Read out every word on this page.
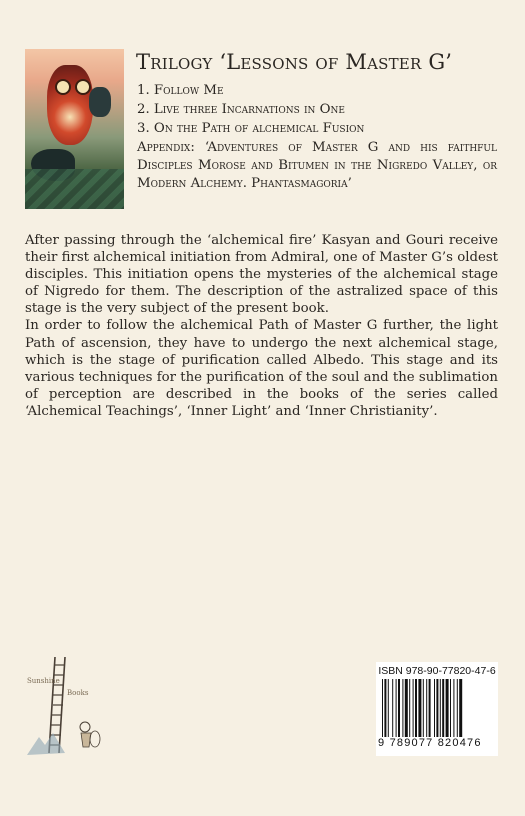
Trilogy ‘Lessons of Master G’
1. Follow Me
2. Live three Incarnations in One
3. On the Path of alchemical Fusion
Appendix: ‘Adventures of Master G and his faithful Disciples Morose and Bitumen in the Nigredo Valley, or Modern Alchemy. Phantasmagoria’

After passing through the ‘alchemical fire’ Kasyan and Gouri receive their first alchemical initiation from Admiral, one of Master G’s oldest disciples. This initiation opens the mysteries of the alchemical stage of Nigredo for them. The description of the astralized space of this stage is the very subject of the present book.

In order to follow the alchemical Path of Master G further, the light Path of ascension, they have to undergo the next alchemical stage, which is the stage of purification called Albedo. This stage and its various techniques for the purification of the soul and the sublimation of perception are described in the books of the series called ‘Alchemical Teachings’, ‘Inner Light’ and ‘Inner Christianity’.

Sunshine
Books
ISBN 978-90-77820-47-6
9 789077 820476
